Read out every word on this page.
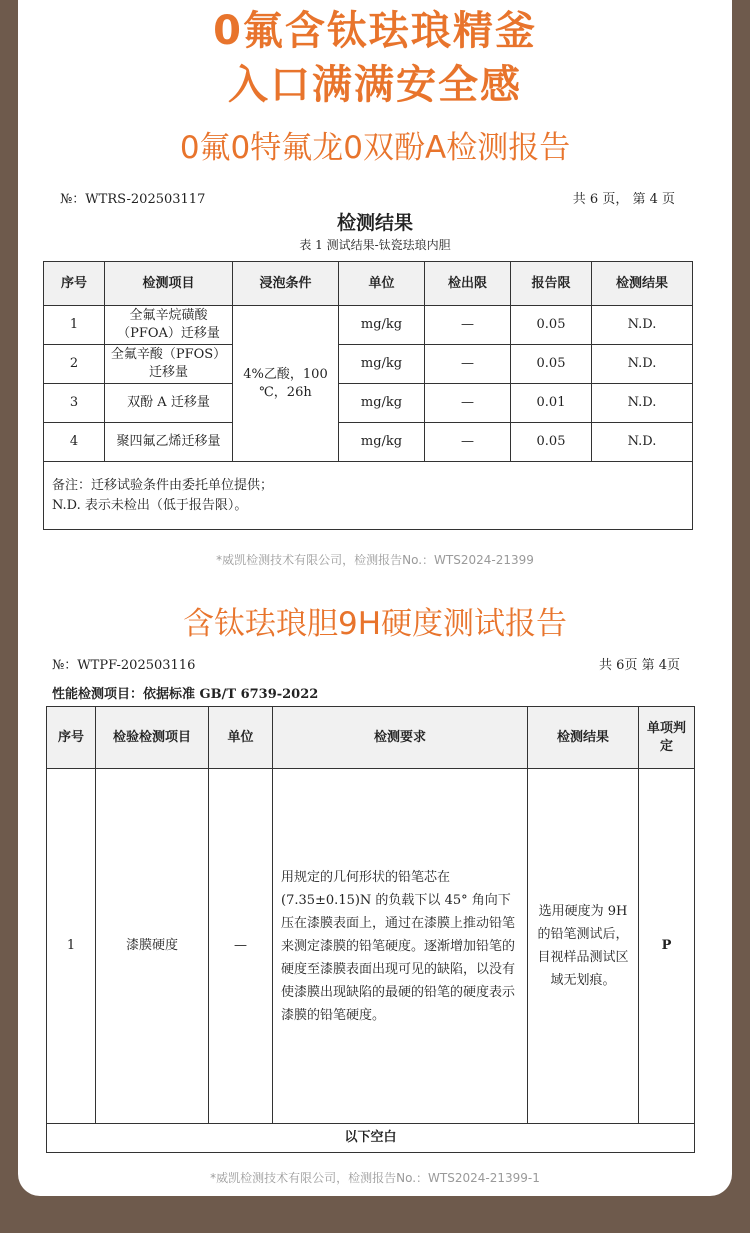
0氟含钛珐琅精釜
入口满满安全感
0氟0特氟龙0双酚A检测报告
№：WTRS-202503117	共 6 页， 第 4 页
检测结果
表 1 测试结果-钛瓷珐琅内胆
序号	检测项目	浸泡条件	单位	检出限	报告限	检测结果
1	全氟辛烷磺酸（PFOA）迁移量	4%乙酸，100 ℃，26h	mg/kg	—	0.05	N.D.
2	全氟辛酸（PFOS）迁移量		mg/kg	—	0.05	N.D.
3	双酚 A 迁移量		mg/kg	—	0.01	N.D.
4	聚四氟乙烯迁移量		mg/kg	—	0.05	N.D.

备注：迁移试验条件由委托单位提供；
N.D. 表示未检出（低于报告限）。						
*威凯检测技术有限公司，检测报告No.：WTS2024-21399
含钛珐琅胆9H硬度测试报告
№：WTPF-202503116	共 6页 第 4页
性能检测项目：依据标准 GB/T 6739-2022
序号	检验检测项目	单位	检测要求	检测结果	单项判定
1	漆膜硬度	—	用规定的几何形状的铅笔芯在(7.35±0.15)N 的负载下以 45° 角向下压在漆膜表面上，通过在漆膜上推动铅笔来测定漆膜的铅笔硬度。逐渐增加铅笔的硬度至漆膜表面出现可见的缺陷，以没有使漆膜出现缺陷的最硬的铅笔的硬度表示漆膜的铅笔硬度。	选用硬度为 9H 的铅笔测试后，目视样品测试区域无划痕。	P
以下空白					
*威凯检测技术有限公司，检测报告No.：WTS2024-21399-1
